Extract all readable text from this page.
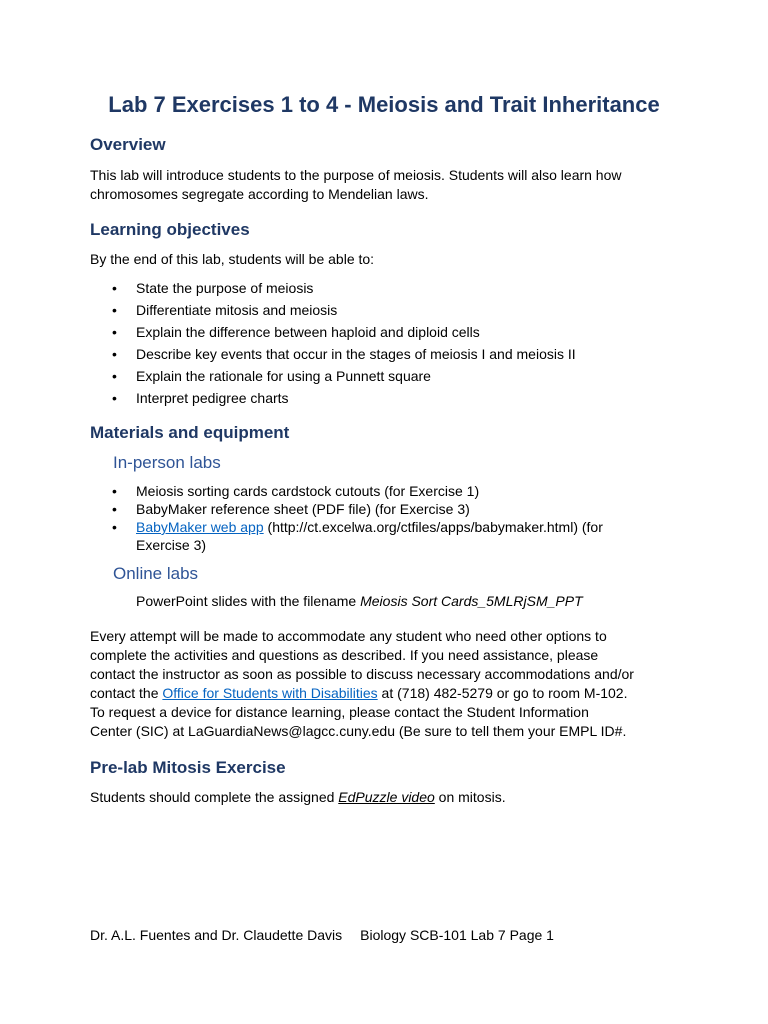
Lab 7 Exercises 1 to 4 - Meiosis and Trait Inheritance
Overview
This lab will introduce students to the purpose of meiosis. Students will also learn how
chromosomes segregate according to Mendelian laws.
Learning objectives
By the end of this lab, students will be able to:
• State the purpose of meiosis
• Differentiate mitosis and meiosis
• Explain the difference between haploid and diploid cells
• Describe key events that occur in the stages of meiosis I and meiosis II
• Explain the rationale for using a Punnett square
• Interpret pedigree charts
Materials and equipment
In-person labs
• Meiosis sorting cards cardstock cutouts (for Exercise 1)
• BabyMaker reference sheet (PDF file) (for Exercise 3)
• BabyMaker web app (http://ct.excelwa.org/ctfiles/apps/babymaker.html) (for
Exercise 3)
Online labs
PowerPoint slides with the filename Meiosis Sort Cards_5MLRjSM_PPT
Every attempt will be made to accommodate any student who need other options to
complete the activities and questions as described. If you need assistance, please
contact the instructor as soon as possible to discuss necessary accommodations and/or
contact the Office for Students with Disabilities at (718) 482-5279 or go to room M-102.
To request a device for distance learning, please contact the Student Information
Center (SIC) at LaGuardiaNews@lagcc.cuny.edu (Be sure to tell them your EMPL ID#.
Pre-lab Mitosis Exercise
Students should complete the assigned EdPuzzle video on mitosis.
Dr. A.L. Fuentes and Dr. Claudette Davis Biology SCB-101 Lab 7 Page 1
